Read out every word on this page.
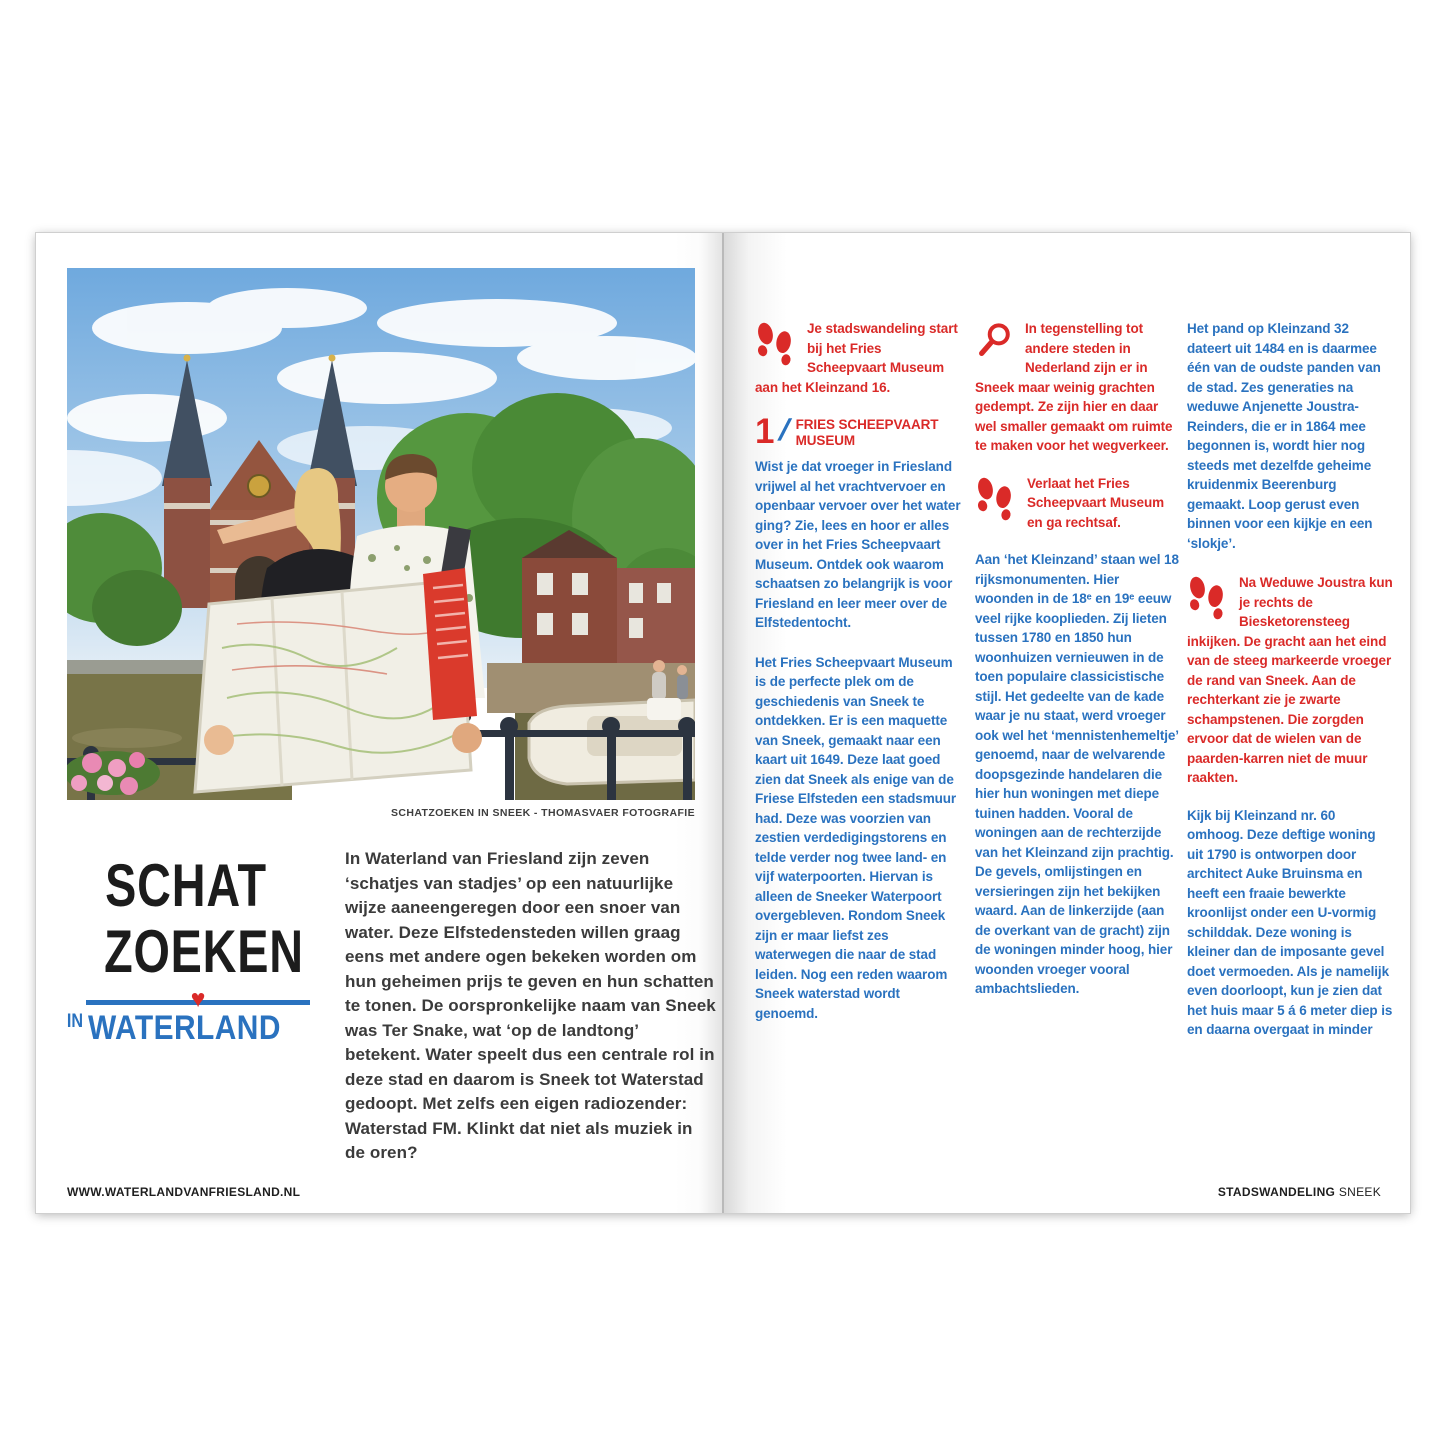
SCHATZOEKEN IN SNEEK - THOMASVAER FOTOGRAFIE
SCHAT
ZOEKEN
IN
♥
WATERLAND

In Waterland van Friesland zijn zeven ‘schatjes van stadjes’ op een natuurlijke wijze aaneengeregen door een snoer van water. Deze Elfstedensteden willen graag eens met andere ogen bekeken worden om hun geheimen prijs te geven en hun schatten te tonen. De oorspronkelijke naam van Sneek was Ter Snake, wat ‘op de landtong’ betekent. Water speelt dus een centrale rol in deze stad en daarom is Sneek tot Waterstad gedoopt. Met zelfs een eigen radiozender: Waterstad FM. Klinkt dat niet als muziek in de oren?

WWW.WATERLANDVANFRIESLAND.NL
Je stadswandeling start bij het Fries Scheepvaart Museum aan het Kleinzand 16.
1 / FRIES SCHEEPVAART MUSEUM

Wist je dat vroeger in Friesland vrijwel al het vrachtvervoer en openbaar vervoer over het water ging? Zie, lees en hoor er alles over in het Fries Scheepvaart Museum. Ontdek ook waarom schaatsen zo belangrijk is voor Friesland en leer meer over de Elfstedentocht.

Het Fries Scheepvaart Museum is de perfecte plek om de geschiedenis van Sneek te ontdekken. Er is een maquette van Sneek, gemaakt naar een kaart uit 1649. Deze laat goed zien dat Sneek als enige van de Friese Elfsteden een stadsmuur had. Deze was voorzien van zestien verdedigingstorens en telde verder nog twee land- en vijf waterpoorten. Hiervan is alleen de Sneeker Waterpoort overgebleven. Rondom Sneek zijn er maar liefst zes waterwegen die naar de stad leiden. Nog een reden waarom Sneek waterstad wordt genoemd.

In tegenstelling tot andere steden in Nederland zijn er in Sneek maar weinig grachten gedempt. Ze zijn hier en daar wel smaller gemaakt om ruimte te maken voor het wegverkeer.
Verlaat het Fries Scheepvaart Museum en ga rechtsaf.

Aan ‘het Kleinzand’ staan wel 18 rijksmonumenten. Hier woonden in de 18ᵉ en 19ᵉ eeuw veel rijke kooplieden. Zij lieten tussen 1780 en 1850 hun woonhuizen vernieuwen in de toen populaire classicistische stijl. Het gedeelte van de kade waar je nu staat, werd vroeger ook wel het ‘mennistenhemeltje’ genoemd, naar de welvarende doopsgezinde handelaren die hier hun woningen met diepe tuinen hadden. Vooral de woningen aan de rechterzijde van het Kleinzand zijn prachtig. De gevels, omlijstingen en versieringen zijn het bekijken waard. Aan de linkerzijde (aan de overkant van de gracht) zijn de woningen minder hoog, hier woonden vroeger vooral ambachtslieden.

Het pand op Kleinzand 32 dateert uit 1484 en is daarmee één van de oudste panden van de stad. Zes generaties na weduwe Anjenette Joustra-Reinders, die er in 1864 mee begonnen is, wordt hier nog steeds met dezelfde geheime kruidenmix Beerenburg gemaakt. Loop gerust even binnen voor een kijkje en een ‘slokje’.

Na Weduwe Joustra kun je rechts de Biesketorensteeg inkijken. De gracht aan het eind van de steeg markeerde vroeger de rand van Sneek. Aan de rechterkant zie je zwarte schampstenen. Die zorgden ervoor dat de wielen van de paarden-karren niet de muur raakten.

Kijk bij Kleinzand nr. 60 omhoog. Deze deftige woning uit 1790 is ontworpen door architect Auke Bruinsma en heeft een fraaie bewerkte kroonlijst onder een U-vormig schilddak. Deze woning is kleiner dan de imposante gevel doet vermoeden. Als je namelijk even doorloopt, kun je zien dat het huis maar 5 á 6 meter diep is en daarna overgaat in minder

STADSWANDELING SNEEK
